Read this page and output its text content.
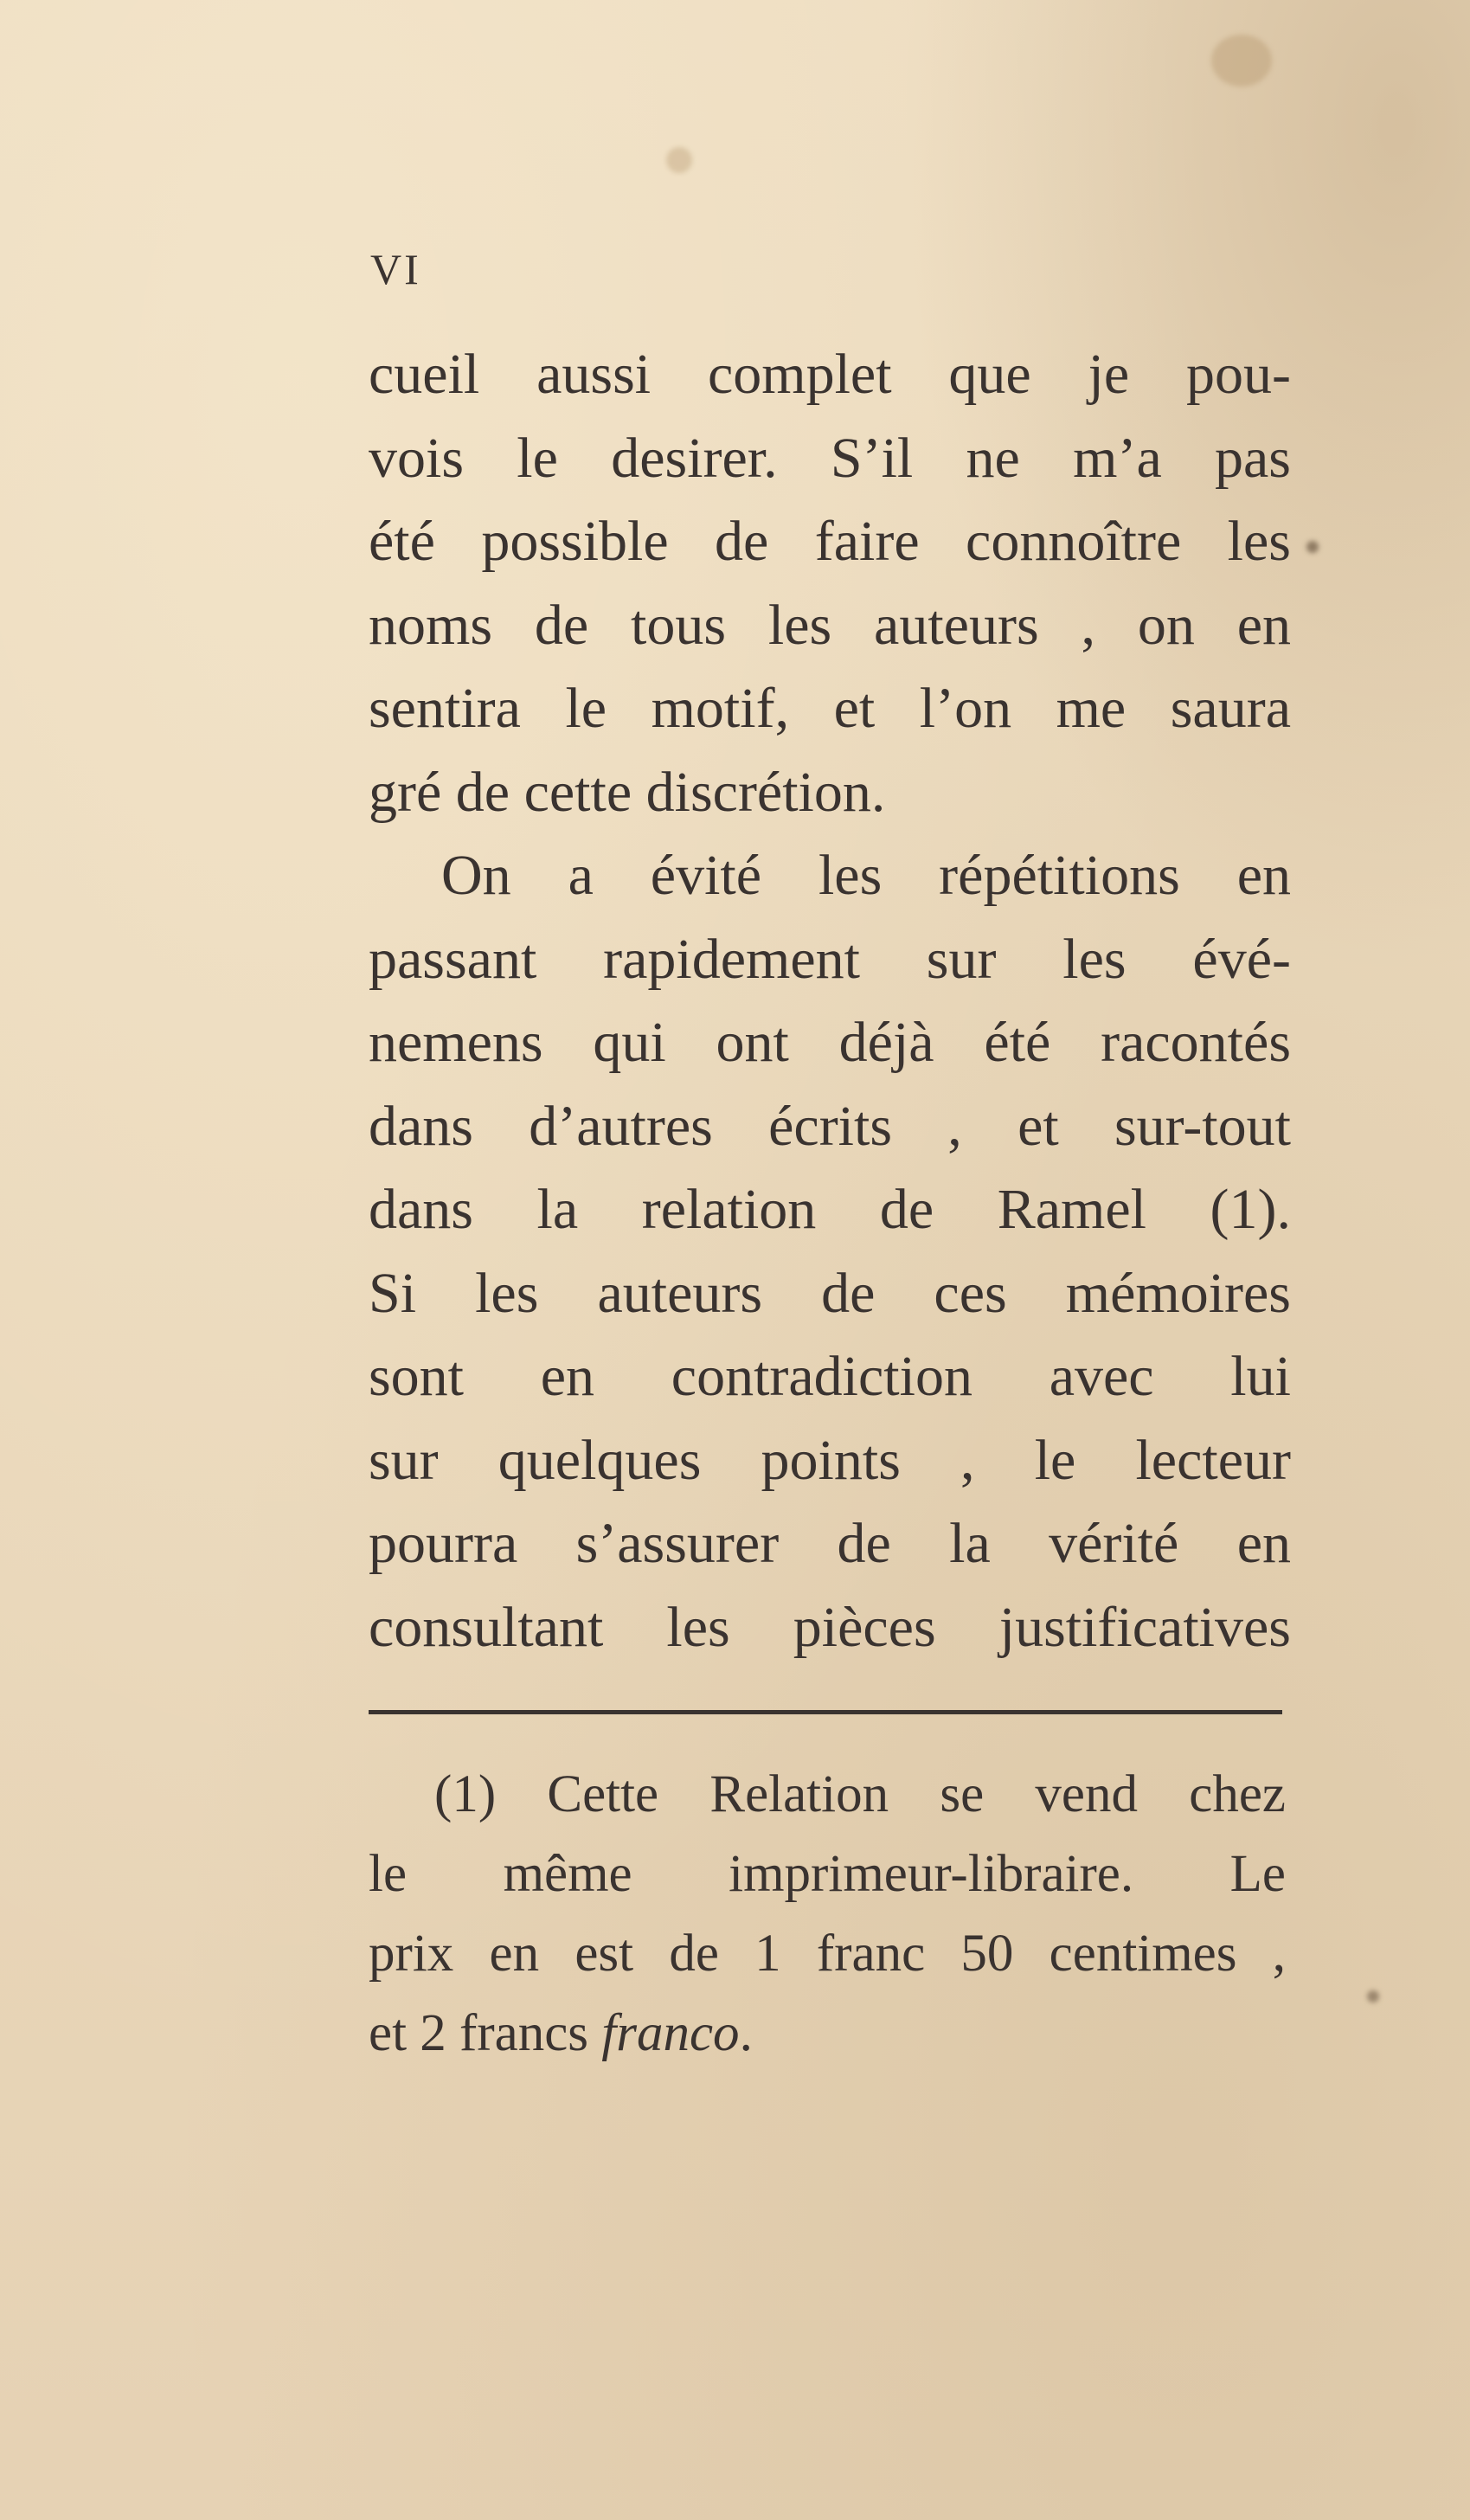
VI
cueil aussi complet que je pou-
vois le desirer. S’il ne m’a pas
été possible de faire connoître les
noms de tous les auteurs , on en
sentira le motif, et l’on me saura
gré de cette discrétion.
On a évité les répétitions en
passant rapidement sur les évé-
nemens qui ont déjà été racontés
dans d’autres écrits , et sur-tout
dans la relation de Ramel (1).
Si les auteurs de ces mémoires
sont en contradiction avec lui
sur quelques points , le lecteur
pourra s’assurer de la vérité en
consultant les pièces justificatives
(1) Cette Relation se vend chez
le même imprimeur-libraire. Le
prix en est de 1 franc 50 centimes ,
et 2 francs franco.
